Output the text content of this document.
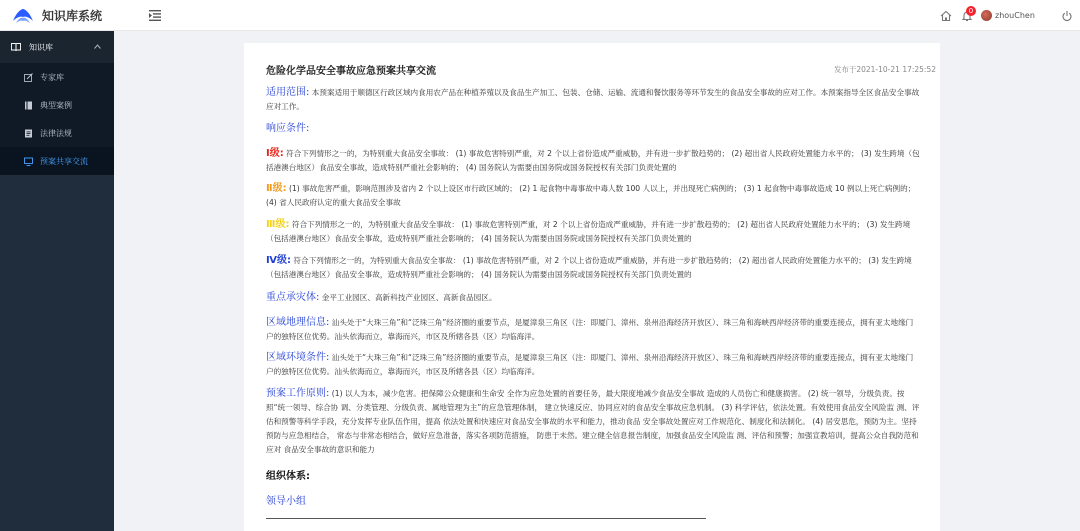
知识库系统	0	zhouChen
知识库
专家库
典型案例
法律法规
预案共享交流
危险化学品安全事故应急预案共享交流	发布于2021-10-21 17:25:52
适用范围: 本预案适用于顺德区行政区域内食用农产品在种植养殖以及食品生产加工、包装、仓储、运输、流通和餐饮服务等环节发生的食品安全事故的应对工作。本预案指导全区食品安全事故应对工作。
响应条件:
Ⅰ级: 符合下列情形之一的，为特别重大食品安全事故： (1) 事故危害特别严重，对 2 个以上省份造成严重威胁，并有进一步扩散趋势的； (2) 超出省人民政府处置能力水平的； (3) 发生跨境（包括港澳台地区）食品安全事故，造成特别严重社会影响的； (4) 国务院认为需要由国务院或国务院授权有关部门负责处置的
Ⅱ级: (1) 事故危害严重，影响范围涉及省内 2 个以上设区市行政区域的； (2) 1 起食物中毒事故中毒人数 100 人以上，并出现死亡病例的； (3) 1 起食物中毒事故造成 10 例以上死亡病例的； (4) 省人民政府认定的重大食品安全事故
Ⅲ级: 符合下列情形之一的，为特别重大食品安全事故： (1) 事故危害特别严重，对 2 个以上省份造成严重威胁，并有进一步扩散趋势的； (2) 超出省人民政府处置能力水平的； (3) 发生跨境（包括港澳台地区）食品安全事故，造成特别严重社会影响的； (4) 国务院认为需要由国务院或国务院授权有关部门负责处置的
Ⅳ级: 符合下列情形之一的，为特别重大食品安全事故： (1) 事故危害特别严重，对 2 个以上省份造成严重威胁，并有进一步扩散趋势的； (2) 超出省人民政府处置能力水平的； (3) 发生跨境（包括港澳台地区）食品安全事故，造成特别严重社会影响的； (4) 国务院认为需要由国务院或国务院授权有关部门负责处置的
重点承灾体: 金平工业园区、高新科技产业园区、高新食品园区。
区域地理信息: 汕头处于“大珠三角”和“泛珠三角”经济圈的重要节点，是厦漳泉三角区（注：即厦门、漳州、泉州沿海经济开放区）、珠三角和海峡西岸经济带的重要连接点，拥有亚太地缘门户的独特区位优势。汕头依海而立，靠海而兴，市区及所辖各县（区）均临海洋。
区域环境条件: 汕头处于“大珠三角”和“泛珠三角”经济圈的重要节点，是厦漳泉三角区（注：即厦门、漳州、泉州沿海经济开放区）、珠三角和海峡西岸经济带的重要连接点，拥有亚太地缘门户的独特区位优势。汕头依海而立，靠海而兴，市区及所辖各县（区）均临海洋。
预案工作原则: (1) 以人为本，减少危害。把保障公众健康和生命安 全作为应急处置的首要任务，最大限度地减少食品安全事故 造成的人员伤亡和健康损害。 (2) 统一领导，分级负责。按照“统一领导、综合协 调、分类管理、分级负责、属地管理为主”的应急管理体制， 建立快速反应、协同应对的食品安全事故应急机制。 (3) 科学评估，依法处置。有效使用食品安全风险监 测、评估和预警等科学手段，充分发挥专业队伍作用，提高 依法处置和快速应对食品安全事故的水平和能力，推动食品 安全事故处置应对工作规范化、制度化和法制化。 (4) 居安思危，预防为主。坚持预防与应急相结合， 常态与非常态相结合，做好应急准备，落实各项防范措施， 防患于未然。建立健全信息报告制度，加强食品安全风险监 测、评估和预警；加强宣教培训，提高公众自我防范和应对 食品安全事故的意识和能力
组织体系:
领导小组
